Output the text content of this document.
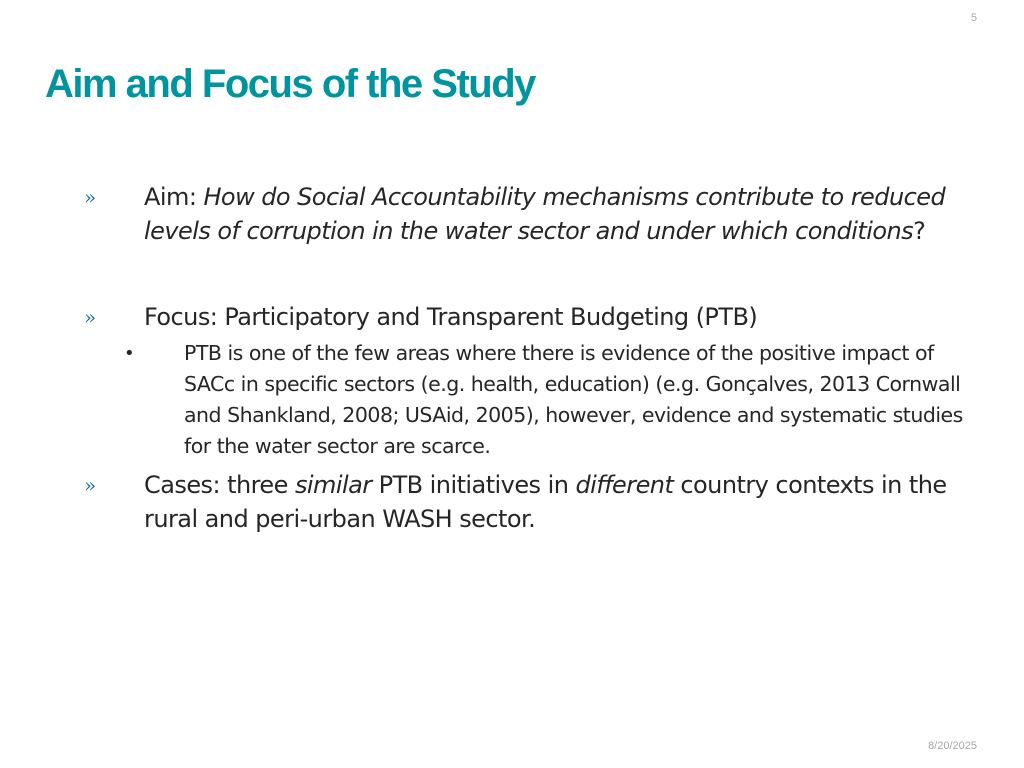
5
Aim and Focus of the Study
»	Aim: How do Social Accountability mechanisms contribute to reduced levels of corruption in the water sector and under which conditions?
»	Focus: Participatory and Transparent Budgeting (PTB)
•	PTB is one of the few areas where there is evidence of the positive impact of SACc in specific sectors (e.g. health, education) (e.g. Gonçalves, 2013 Cornwall and Shankland, 2008; USAid, 2005), however, evidence and systematic studies for the water sector are scarce.
»	Cases: three similar PTB initiatives in different country contexts in the rural and peri-urban WASH sector.
8/20/2025
